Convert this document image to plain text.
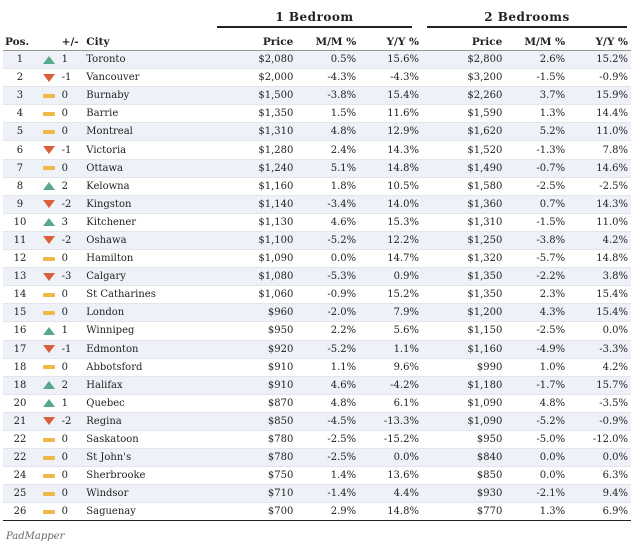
1 Bedroom	2 Bedrooms
Pos.		+/-	City	Price	M/M %	Y/Y %		Price	M/M %	Y/Y %
1		1	Toronto	$2,080	0.5%	15.6%		$2,800	2.6%	15.2%
2		-1	Vancouver	$2,000	-4.3%	-4.3%		$3,200	-1.5%	-0.9%
3		0	Burnaby	$1,500	-3.8%	15.4%		$2,260	3.7%	15.9%
4		0	Barrie	$1,350	1.5%	11.6%		$1,590	1.3%	14.4%
5		0	Montreal	$1,310	4.8%	12.9%		$1,620	5.2%	11.0%
6		-1	Victoria	$1,280	2.4%	14.3%		$1,520	-1.3%	7.8%
7		0	Ottawa	$1,240	5.1%	14.8%		$1,490	-0.7%	14.6%
8		2	Kelowna	$1,160	1.8%	10.5%		$1,580	-2.5%	-2.5%
9		-2	Kingston	$1,140	-3.4%	14.0%		$1,360	0.7%	14.3%
10		3	Kitchener	$1,130	4.6%	15.3%		$1,310	-1.5%	11.0%
11		-2	Oshawa	$1,100	-5.2%	12.2%		$1,250	-3.8%	4.2%
12		0	Hamilton	$1,090	0.0%	14.7%		$1,320	-5.7%	14.8%
13		-3	Calgary	$1,080	-5.3%	0.9%		$1,350	-2.2%	3.8%
14		0	St Catharines	$1,060	-0.9%	15.2%		$1,350	2.3%	15.4%
15		0	London	$960	-2.0%	7.9%		$1,200	4.3%	15.4%
16		1	Winnipeg	$950	2.2%	5.6%		$1,150	-2.5%	0.0%
17		-1	Edmonton	$920	-5.2%	1.1%		$1,160	-4.9%	-3.3%
18		0	Abbotsford	$910	1.1%	9.6%		$990	1.0%	4.2%
18		2	Halifax	$910	4.6%	-4.2%		$1,180	-1.7%	15.7%
20		1	Quebec	$870	4.8%	6.1%		$1,090	4.8%	-3.5%
21		-2	Regina	$850	-4.5%	-13.3%		$1,090	-5.2%	-0.9%
22		0	Saskatoon	$780	-2.5%	-15.2%		$950	-5.0%	-12.0%
22		0	St John's	$780	-2.5%	0.0%		$840	0.0%	0.0%
24		0	Sherbrooke	$750	1.4%	13.6%		$850	0.0%	6.3%
25		0	Windsor	$710	-1.4%	4.4%		$930	-2.1%	9.4%
26		0	Saguenay	$700	2.9%	14.8%		$770	1.3%	6.9%
PadMapper
